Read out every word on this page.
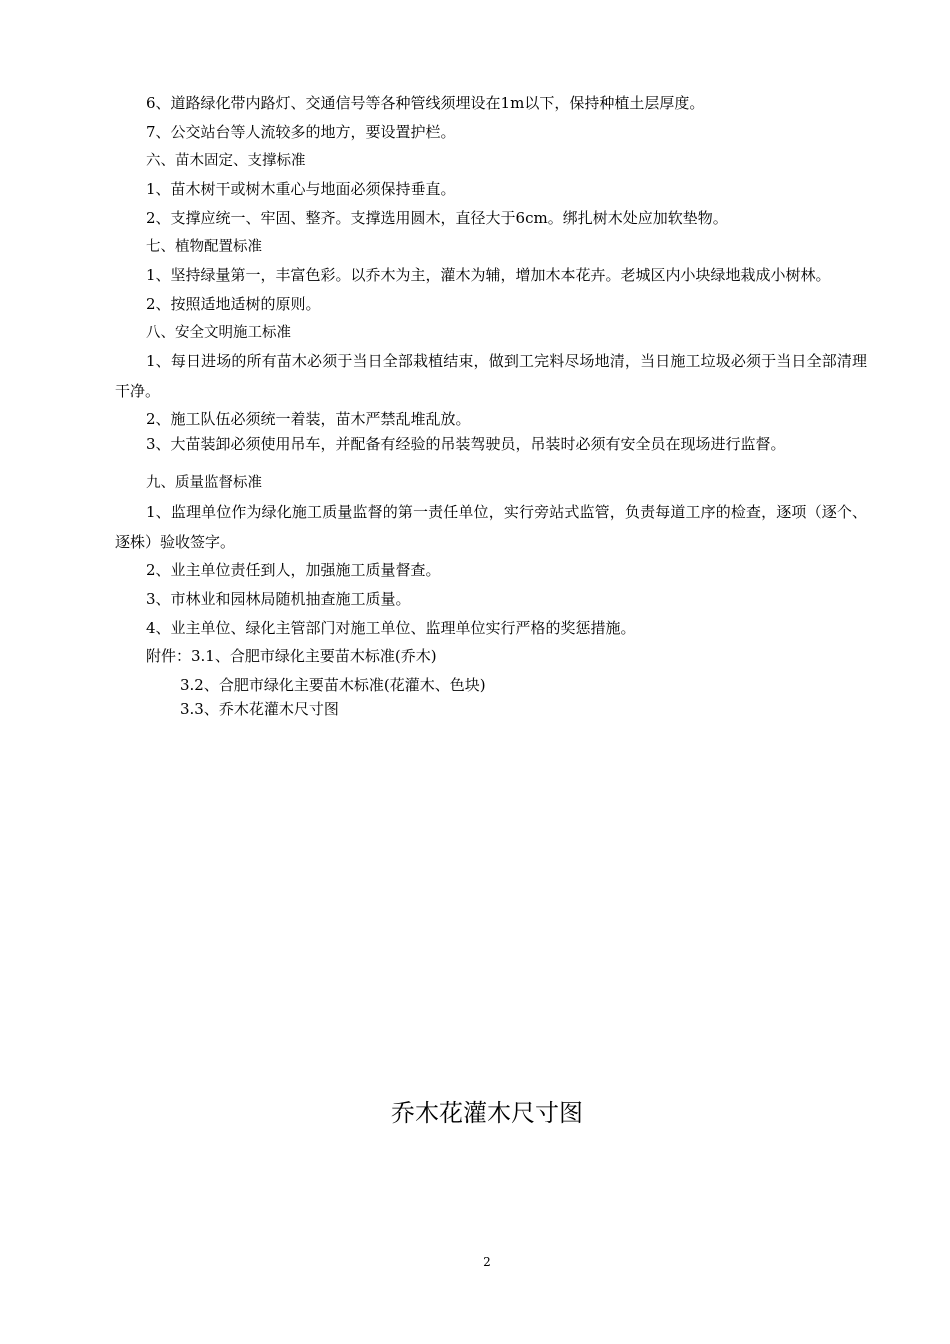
6、道路绿化带内路灯、交通信号等各种管线须埋设在1m以下，保持种植土层厚度。
7、公交站台等人流较多的地方，要设置护栏。
六、苗木固定、支撑标准
1、苗木树干或树木重心与地面必须保持垂直。
2、支撑应统一、牢固、整齐。支撑选用圆木，直径大于6cm。绑扎树木处应加软垫物。
七、植物配置标准
1、坚持绿量第一，丰富色彩。以乔木为主，灌木为辅，增加木本花卉。老城区内小块绿地栽成小树林。
2、按照适地适树的原则。
八、安全文明施工标准
1、每日进场的所有苗木必须于当日全部栽植结束，做到工完料尽场地清，当日施工垃圾必须于当日全部清理干净。
2、施工队伍必须统一着装，苗木严禁乱堆乱放。
3、大苗装卸必须使用吊车，并配备有经验的吊装驾驶员，吊装时必须有安全员在现场进行监督。
九、质量监督标准
1、监理单位作为绿化施工质量监督的第一责任单位，实行旁站式监管，负责每道工序的检查，逐项（逐个、逐株）验收签字。
2、业主单位责任到人，加强施工质量督查。
3、市林业和园林局随机抽查施工质量。
4、业主单位、绿化主管部门对施工单位、监理单位实行严格的奖惩措施。
附件：3.1、合肥市绿化主要苗木标准(乔木)
3.2、合肥市绿化主要苗木标准(花灌木、色块)
3.3、乔木花灌木尺寸图
乔木花灌木尺寸图
2
